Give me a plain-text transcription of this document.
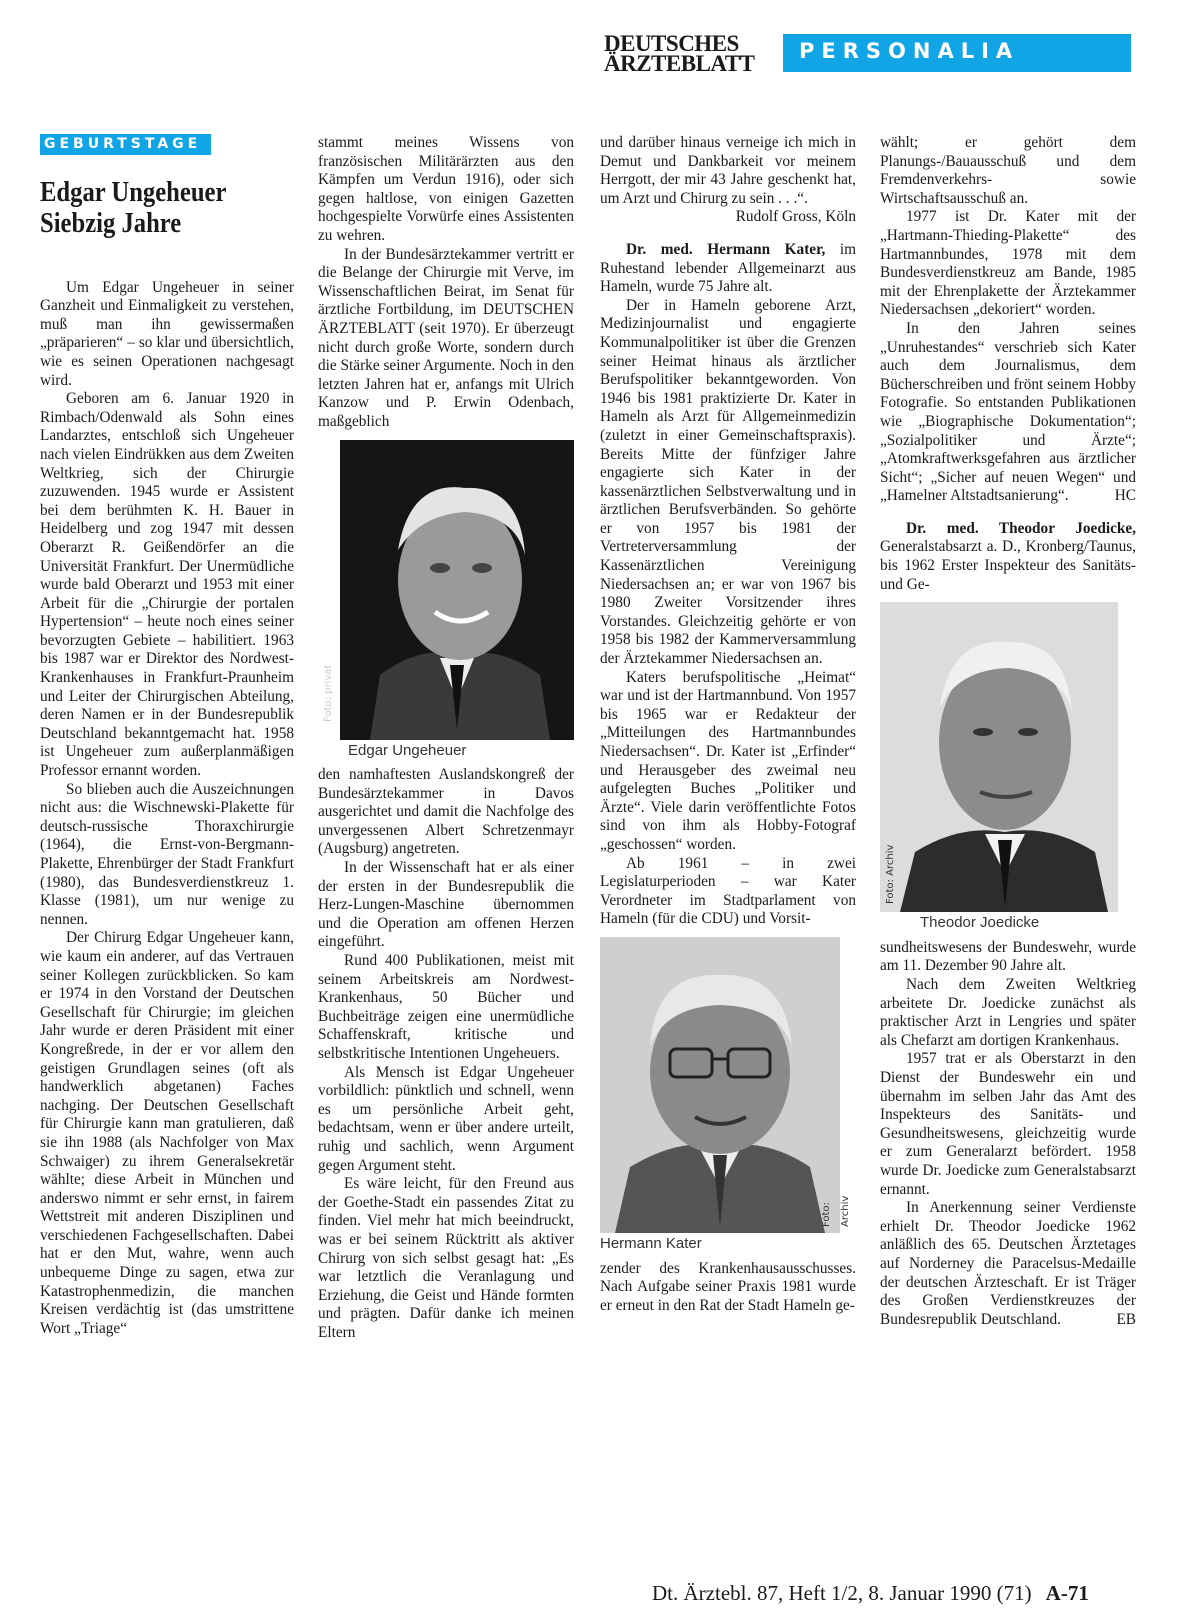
DEUTSCHES
ÄRZTEBLATT	PERSONALIA
GEBURTSTAGE
Edgar Ungeheuer
Siebzig Jahre

Um Edgar Ungeheuer in seiner Ganzheit und Einmaligkeit zu verstehen, muß man ihn gewissermaßen „präparieren“ – so klar und übersichtlich, wie es seinen Operationen nachgesagt wird.

Geboren am 6. Januar 1920 in Rimbach/Odenwald als Sohn eines Landarztes, entschloß sich Ungeheuer nach vielen Eindrükken aus dem Zweiten Weltkrieg, sich der Chirurgie zuzuwenden. 1945 wurde er Assistent bei dem berühmten K. H. Bauer in Heidelberg und zog 1947 mit dessen Oberarzt R. Geißendörfer an die Universität Frankfurt. Der Unermüdliche wurde bald Oberarzt und 1953 mit einer Arbeit für die „Chirurgie der portalen Hypertension“ – heute noch eines seiner bevorzugten Gebiete – habilitiert. 1963 bis 1987 war er Direktor des Nordwest-Krankenhauses in Frankfurt-Praunheim und Leiter der Chirurgischen Abteilung, deren Namen er in der Bundesrepublik Deutschland bekanntgemacht hat. 1958 ist Ungeheuer zum außerplanmäßigen Professor ernannt worden.

So blieben auch die Auszeichnungen nicht aus: die Wischnewski-Plakette für deutsch-russische Thoraxchirurgie (1964), die Ernst-von-Bergmann-Plakette, Ehrenbürger der Stadt Frankfurt (1980), das Bundesverdienstkreuz 1. Klasse (1981), um nur wenige zu nennen.

Der Chirurg Edgar Ungeheuer kann, wie kaum ein anderer, auf das Vertrauen seiner Kollegen zurückblicken. So kam er 1974 in den Vorstand der Deutschen Gesellschaft für Chirurgie; im gleichen Jahr wurde er deren Präsident mit einer Kongreßrede, in der er vor allem den geistigen Grundlagen seines (oft als handwerklich abgetanen) Faches nachging. Der Deutschen Gesellschaft für Chirurgie kann man gratulieren, daß sie ihn 1988 (als Nachfolger von Max Schwaiger) zu ihrem Generalsekretär wählte; diese Arbeit in München und anderswo nimmt er sehr ernst, in fairem Wettstreit mit anderen Disziplinen und verschiedenen Fachgesellschaften. Dabei hat er den Mut, wahre, wenn auch unbequeme Dinge zu sagen, etwa zur Katastrophenmedizin, die manchen Kreisen verdächtig ist (das umstrittene Wort „Triage“

stammt meines Wissens von französischen Militärärzten aus den Kämpfen um Verdun 1916), oder sich gegen haltlose, von einigen Gazetten hochgespielte Vorwürfe eines Assistenten zu wehren.

In der Bundesärztekammer vertritt er die Belange der Chirurgie mit Verve, im Wissenschaftlichen Beirat, im Senat für ärztliche Fortbildung, im DEUTSCHEN ÄRZTEBLATT (seit 1970). Er überzeugt nicht durch große Worte, sondern durch die Stärke seiner Argumente. Noch in den letzten Jahren hat er, anfangs mit Ulrich Kanzow und P. Erwin Odenbach, maßgeblich

Foto: privat
Edgar Ungeheuer

den namhaftesten Auslandskongreß der Bundesärztekammer in Davos ausgerichtet und damit die Nachfolge des unvergessenen Albert Schretzenmayr (Augsburg) angetreten.

In der Wissenschaft hat er als einer der ersten in der Bundesrepublik die Herz-Lungen-Maschine übernommen und die Operation am offenen Herzen eingeführt.

Rund 400 Publikationen, meist mit seinem Arbeitskreis am Nordwest-Krankenhaus, 50 Bücher und Buchbeiträge zeigen eine unermüdliche Schaffenskraft, kritische und selbstkritische Intentionen Ungeheuers.

Als Mensch ist Edgar Ungeheuer vorbildlich: pünktlich und schnell, wenn es um persönliche Arbeit geht, bedachtsam, wenn er über andere urteilt, ruhig und sachlich, wenn Argument gegen Argument steht.

Es wäre leicht, für den Freund aus der Goethe-Stadt ein passendes Zitat zu finden. Viel mehr hat mich beeindruckt, was er bei seinem Rücktritt als aktiver Chirurg von sich selbst gesagt hat: „Es war letztlich die Veranlagung und Erziehung, die Geist und Hände formten und prägten. Dafür danke ich meinen Eltern

und darüber hinaus verneige ich mich in Demut und Dankbarkeit vor meinem Herrgott, der mir 43 Jahre geschenkt hat, um Arzt und Chirurg zu sein . . .“.

Rudolf Gross, Köln

Dr. med. Hermann Kater, im Ruhestand lebender Allgemeinarzt aus Hameln, wurde 75 Jahre alt.

Der in Hameln geborene Arzt, Medizinjournalist und engagierte Kommunalpolitiker ist über die Grenzen seiner Heimat hinaus als ärztlicher Berufspolitiker bekanntgeworden. Von 1946 bis 1981 praktizierte Dr. Kater in Hameln als Arzt für Allgemeinmedizin (zuletzt in einer Gemeinschaftspraxis). Bereits Mitte der fünfziger Jahre engagierte sich Kater in der kassenärztlichen Selbstverwaltung und in ärztlichen Berufsverbänden. So gehörte er von 1957 bis 1981 der Vertreterversammlung der Kassenärztlichen Vereinigung Niedersachsen an; er war von 1967 bis 1980 Zweiter Vorsitzender ihres Vorstandes. Gleichzeitig gehörte er von 1958 bis 1982 der Kammerversammlung der Ärztekammer Niedersachsen an.

Katers berufspolitische „Heimat“ war und ist der Hartmannbund. Von 1957 bis 1965 war er Redakteur der „Mitteilungen des Hartmannbundes Niedersachsen“. Dr. Kater ist „Erfinder“ und Herausgeber des zweimal neu aufgelegten Buches „Politiker und Ärzte“. Viele darin veröffentlichte Fotos sind von ihm als Hobby-Fotograf „geschossen“ worden.

Ab 1961 – in zwei Legislaturperioden – war Kater Verordneter im Stadtparlament von Hameln (für die CDU) und Vorsit-

Foto: Archiv
Hermann Kater

zender des Krankenhausausschusses. Nach Aufgabe seiner Praxis 1981 wurde er erneut in den Rat der Stadt Hameln ge-

wählt; er gehört dem Planungs-/Bauausschuß und dem Fremdenverkehrs- sowie Wirtschaftsausschuß an.

1977 ist Dr. Kater mit der „Hartmann-Thieding-Plakette“ des Hartmannbundes, 1978 mit dem Bundesverdienstkreuz am Bande, 1985 mit der Ehrenplakette der Ärztekammer Niedersachsen „dekoriert“ worden.

In den Jahren seines „Unruhestandes“ verschrieb sich Kater auch dem Journalismus, dem Bücherschreiben und frönt seinem Hobby Fotografie. So entstanden Publikationen wie „Biographische Dokumentation“; „Sozialpolitiker und Ärzte“; „Atomkraftwerksgefahren aus ärztlicher Sicht“; „Sicher auf neuen Wegen“ und „Hamelner Altstadtsanierung“.	HC

Dr. med. Theodor Joedicke, Generalstabsarzt a. D., Kronberg/Taunus, bis 1962 Erster Inspekteur des Sanitäts- und Ge-

Foto: Archiv
Theodor Joedicke

sundheitswesens der Bundeswehr, wurde am 11. Dezember 90 Jahre alt.

Nach dem Zweiten Weltkrieg arbeitete Dr. Joedicke zunächst als praktischer Arzt in Lengries und später als Chefarzt am dortigen Krankenhaus.

1957 trat er als Oberstarzt in den Dienst der Bundeswehr ein und übernahm im selben Jahr das Amt des Inspekteurs des Sanitäts- und Gesundheitswesens, gleichzeitig wurde er zum Generalarzt befördert. 1958 wurde Dr. Joedicke zum Generalstabsarzt ernannt.

In Anerkennung seiner Verdienste erhielt Dr. Theodor Joedicke 1962 anläßlich des 65. Deutschen Ärztetages auf Norderney die Paracelsus-Medaille der deutschen Ärzteschaft. Er ist Träger des Großen Verdienstkreuzes der Bundesrepublik Deutschland.	EB

Dt. Ärztebl. 87, Heft 1/2, 8. Januar 1990 (71) A-71
